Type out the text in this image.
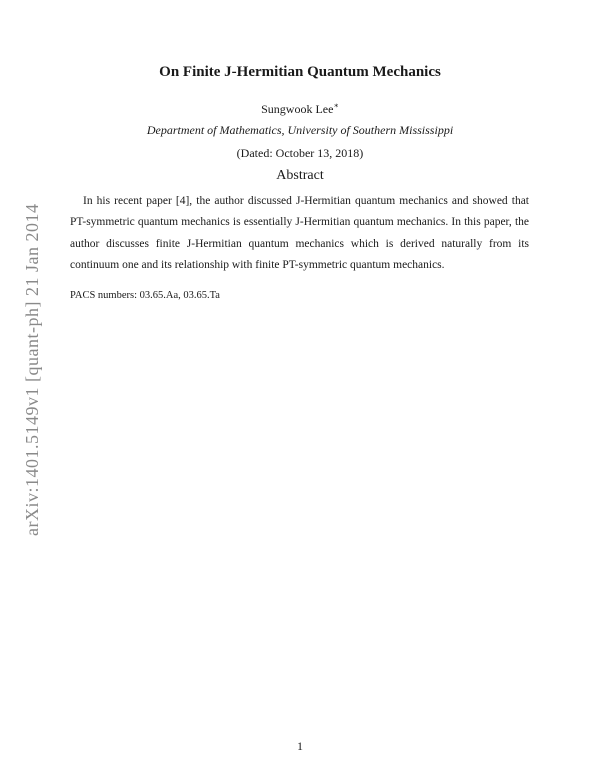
arXiv:1401.5149v1 [quant-ph] 21 Jan 2014
On Finite J-Hermitian Quantum Mechanics
Sungwook Lee∗
Department of Mathematics, University of Southern Mississippi
(Dated: October 13, 2018)
Abstract
In his recent paper [4], the author discussed J-Hermitian quantum mechanics and showed that PT-symmetric quantum mechanics is essentially J-Hermitian quantum mechanics. In this paper, the author discusses finite J-Hermitian quantum mechanics which is derived naturally from its continuum one and its relationship with finite PT-symmetric quantum mechanics.
PACS numbers: 03.65.Aa, 03.65.Ta
1
